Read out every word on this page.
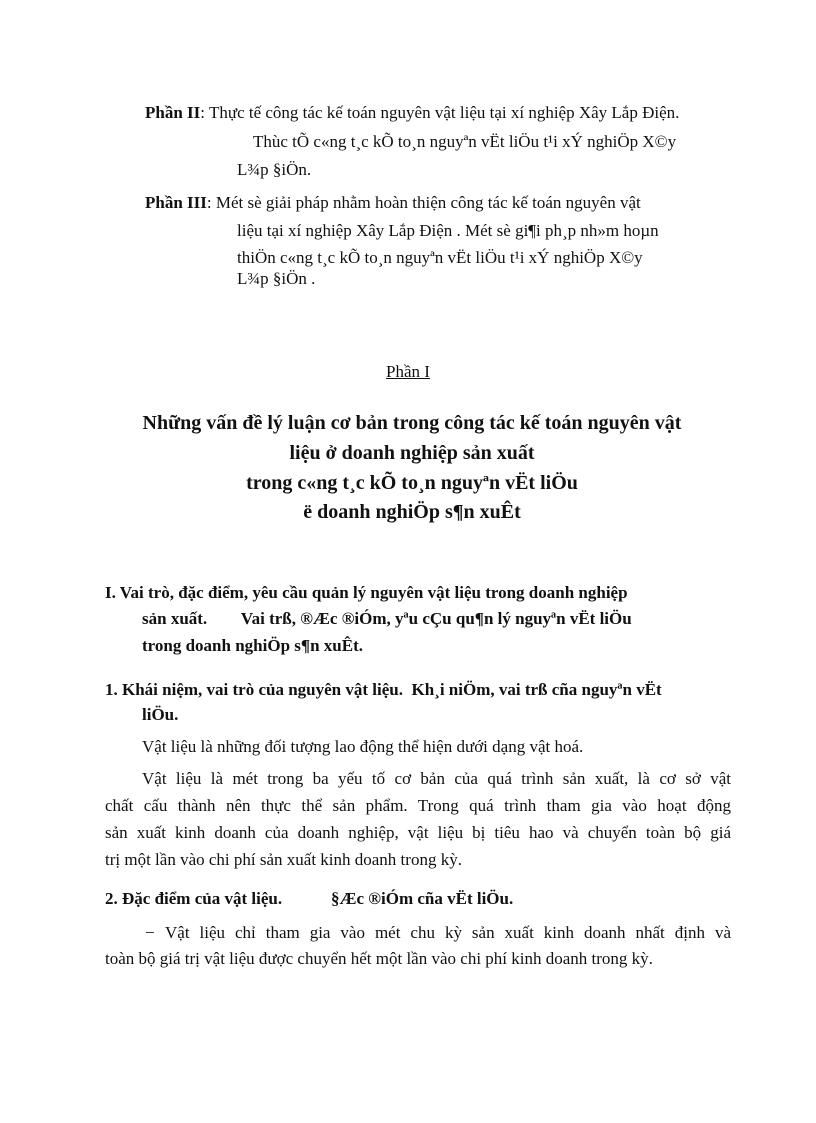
Phần II: Thực tế công tác kế toán nguyên vật liệu tại xí nghiệp Xây Lắp Điện.
Thùc tÕ c«ng t¸c kÕ to¸n nguyªn vËt liÖu t¹i xÝ nghiÖp X©y
L¾p §iÖn.
Phần III: Mét sè giải pháp nhằm hoàn thiện công tác kế toán nguyên vật
liệu tại xí nghiệp Xây Lắp Điện . Mét sè gi¶i ph¸p nh»m hoµn
thiÖn c«ng t¸c kÕ to¸n nguyªn vËt liÖu t¹i xÝ nghiÖp X©y
L¾p §iÖn .
Phần I
Những vấn đề lý luận cơ bản trong công tác kế toán nguyên vật
liệu ở doanh nghiệp sản xuất
trong c«ng t¸c kÕ to¸n nguyªn vËt liÖu
ë doanh nghiÖp s¶n xuÊt
I. Vai trò, đặc điểm, yêu cầu quản lý nguyên vật liệu trong doanh nghiệp
sản xuất.        Vai trß, ®Æc ®iÓm, yªu cÇu qu¶n lý nguyªn vËt liÖu
trong doanh nghiÖp s¶n xuÊt.
1. Khái niệm, vai trò của nguyên vật liệu.  Kh¸i niÖm, vai trß cña nguyªn vËt
liÖu.
Vật liệu là những đối tượng lao động thể hiện dưới dạng vật hoá.
Vật liệu là mét trong ba yếu tố cơ bản của quá trình sản xuất, là cơ sở vật
chất cấu thành nên thực thể sản phẩm. Trong quá trình tham gia vào hoạt động
sản xuất kinh doanh của doanh nghiệp, vật liệu bị tiêu hao và chuyển toàn bộ giá
trị một lần vào chi phí sản xuất kinh doanh trong kỳ.
2. Đặc điểm của vật liệu.	§Æc ®iÓm cña vËt liÖu.
− Vật liệu chỉ tham gia vào mét chu kỳ sản xuất kinh doanh nhất định và
toàn bộ giá trị vật liệu được chuyển hết một lần vào chi phí kinh doanh trong kỳ.
